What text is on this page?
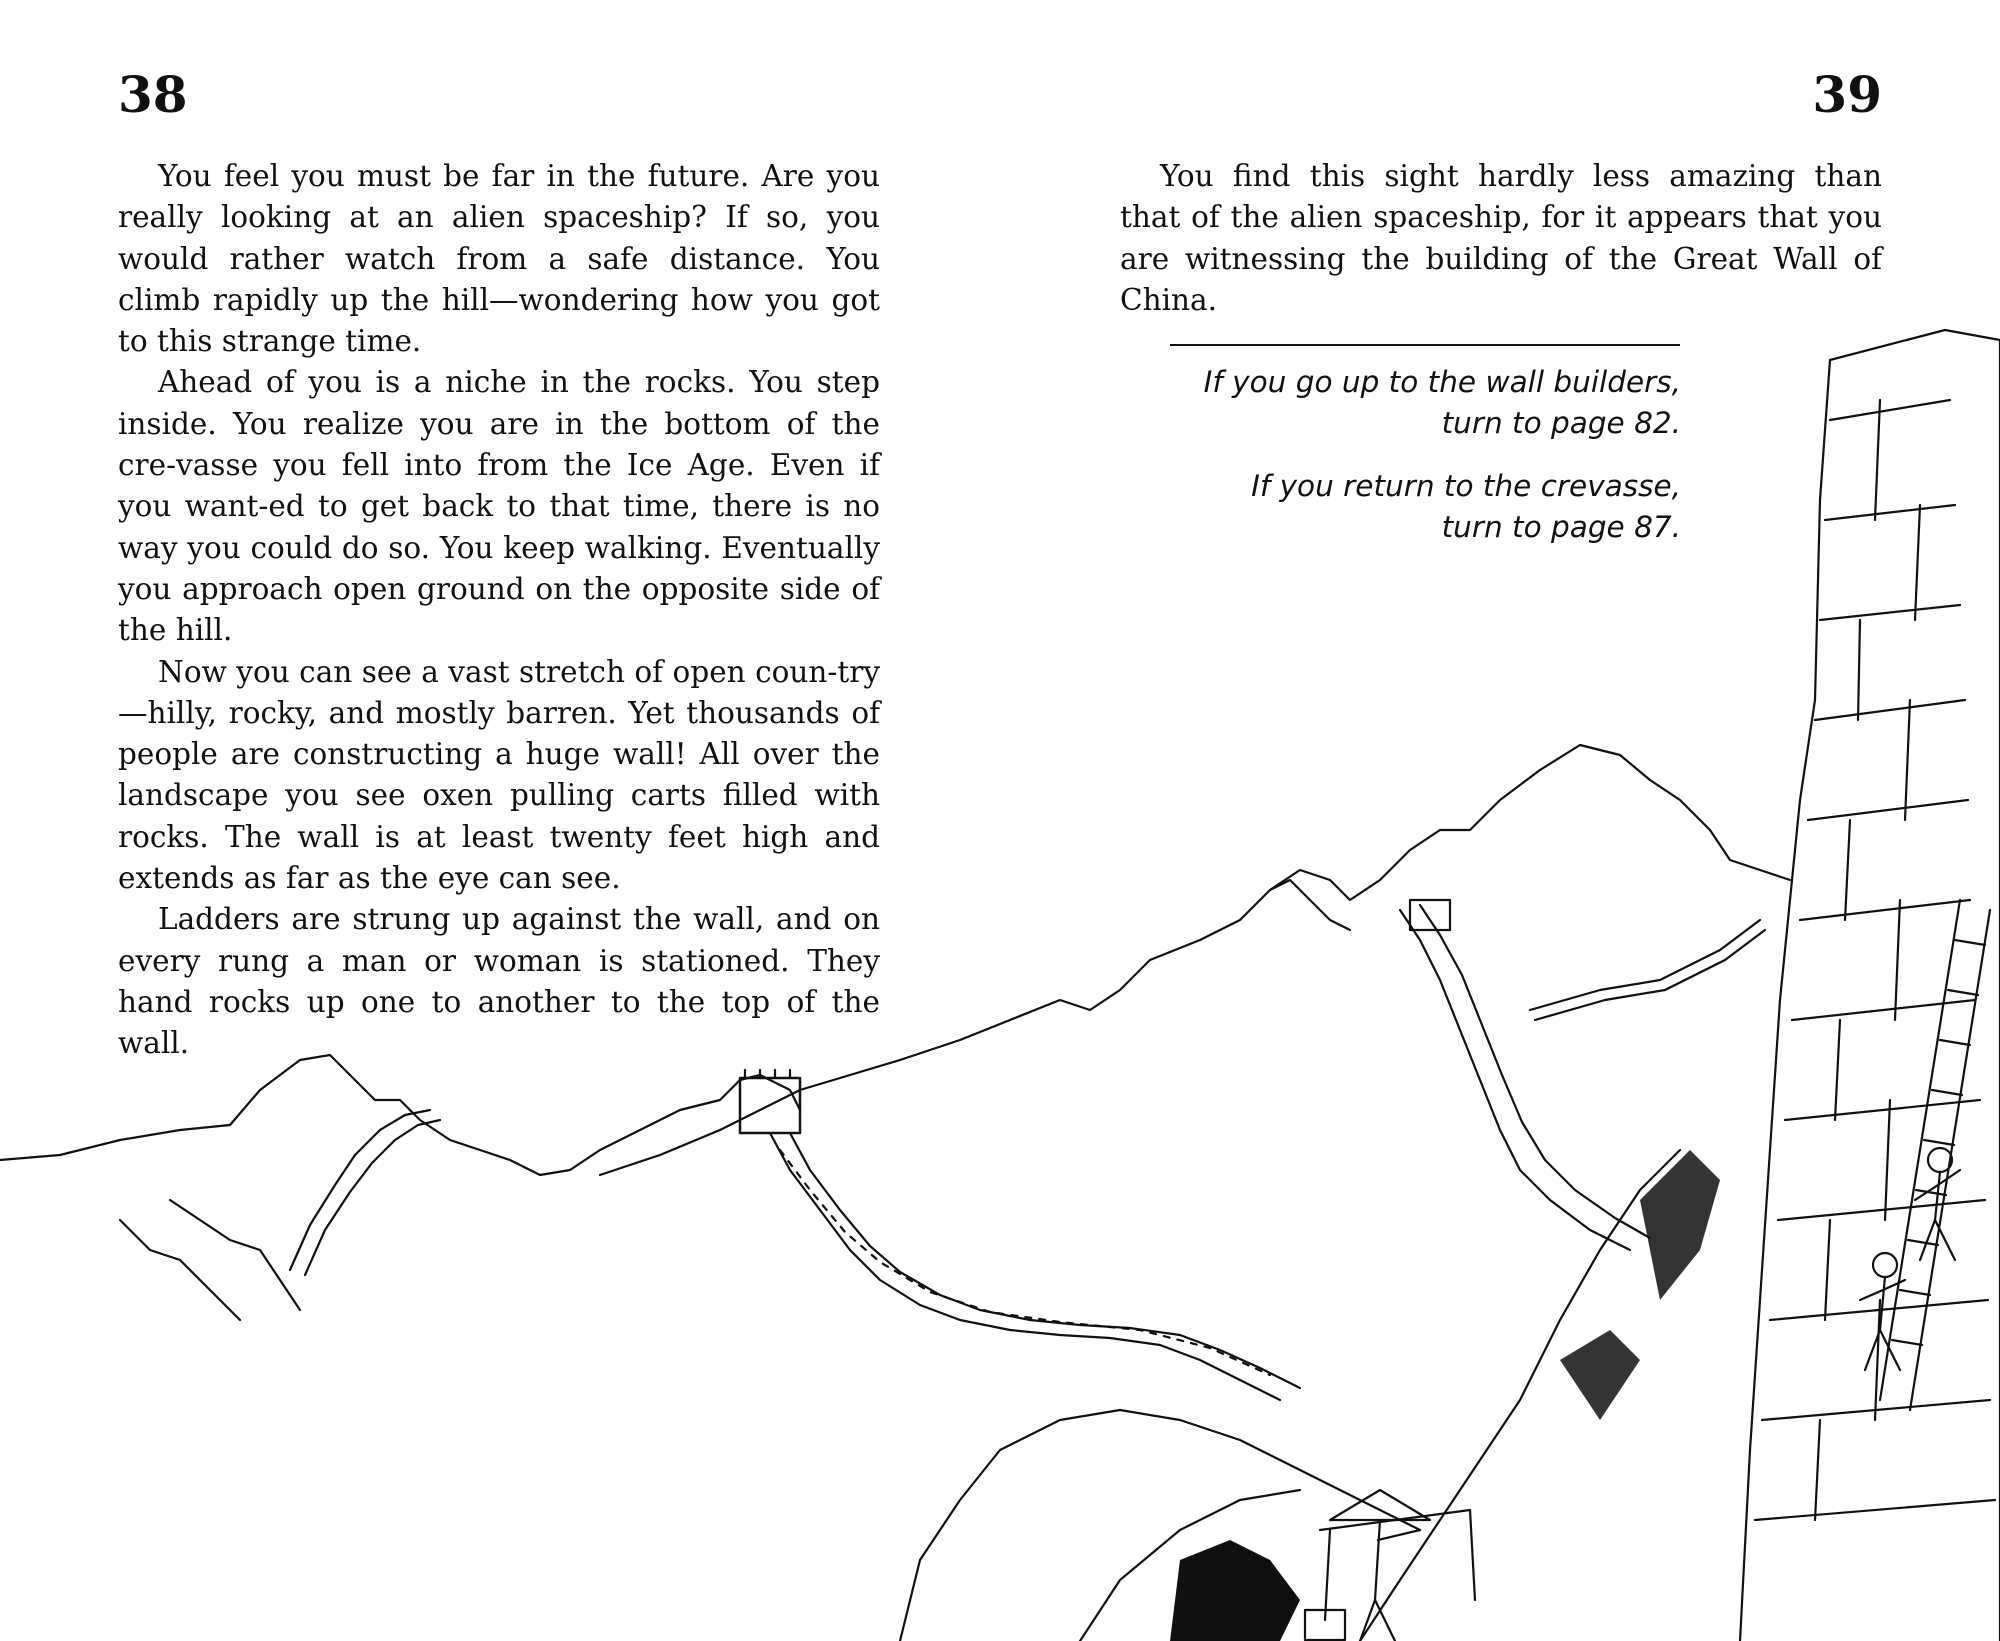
38	39

You feel you must be far in the future. Are you really looking at an alien spaceship? If so, you would rather watch from a safe distance. You climb rapidly up the hill—wondering how you got to this strange time.

Ahead of you is a niche in the rocks. You step inside. You realize you are in the bottom of the cre-vasse you fell into from the Ice Age. Even if you want-ed to get back to that time, there is no way you could do so. You keep walking. Eventually you approach open ground on the opposite side of the hill.

Now you can see a vast stretch of open coun-try—hilly, rocky, and mostly barren. Yet thousands of people are constructing a huge wall! All over the landscape you see oxen pulling carts filled with rocks. The wall is at least twenty feet high and extends as far as the eye can see.

Ladders are strung up against the wall, and on every rung a man or woman is stationed. They hand rocks up one to another to the top of the wall.

You find this sight hardly less amazing than that of the alien spaceship, for it appears that you are witnessing the building of the Great Wall of China.

If you go up to the wall builders,
turn to page 82.
If you return to the crevasse,
turn to page 87.
